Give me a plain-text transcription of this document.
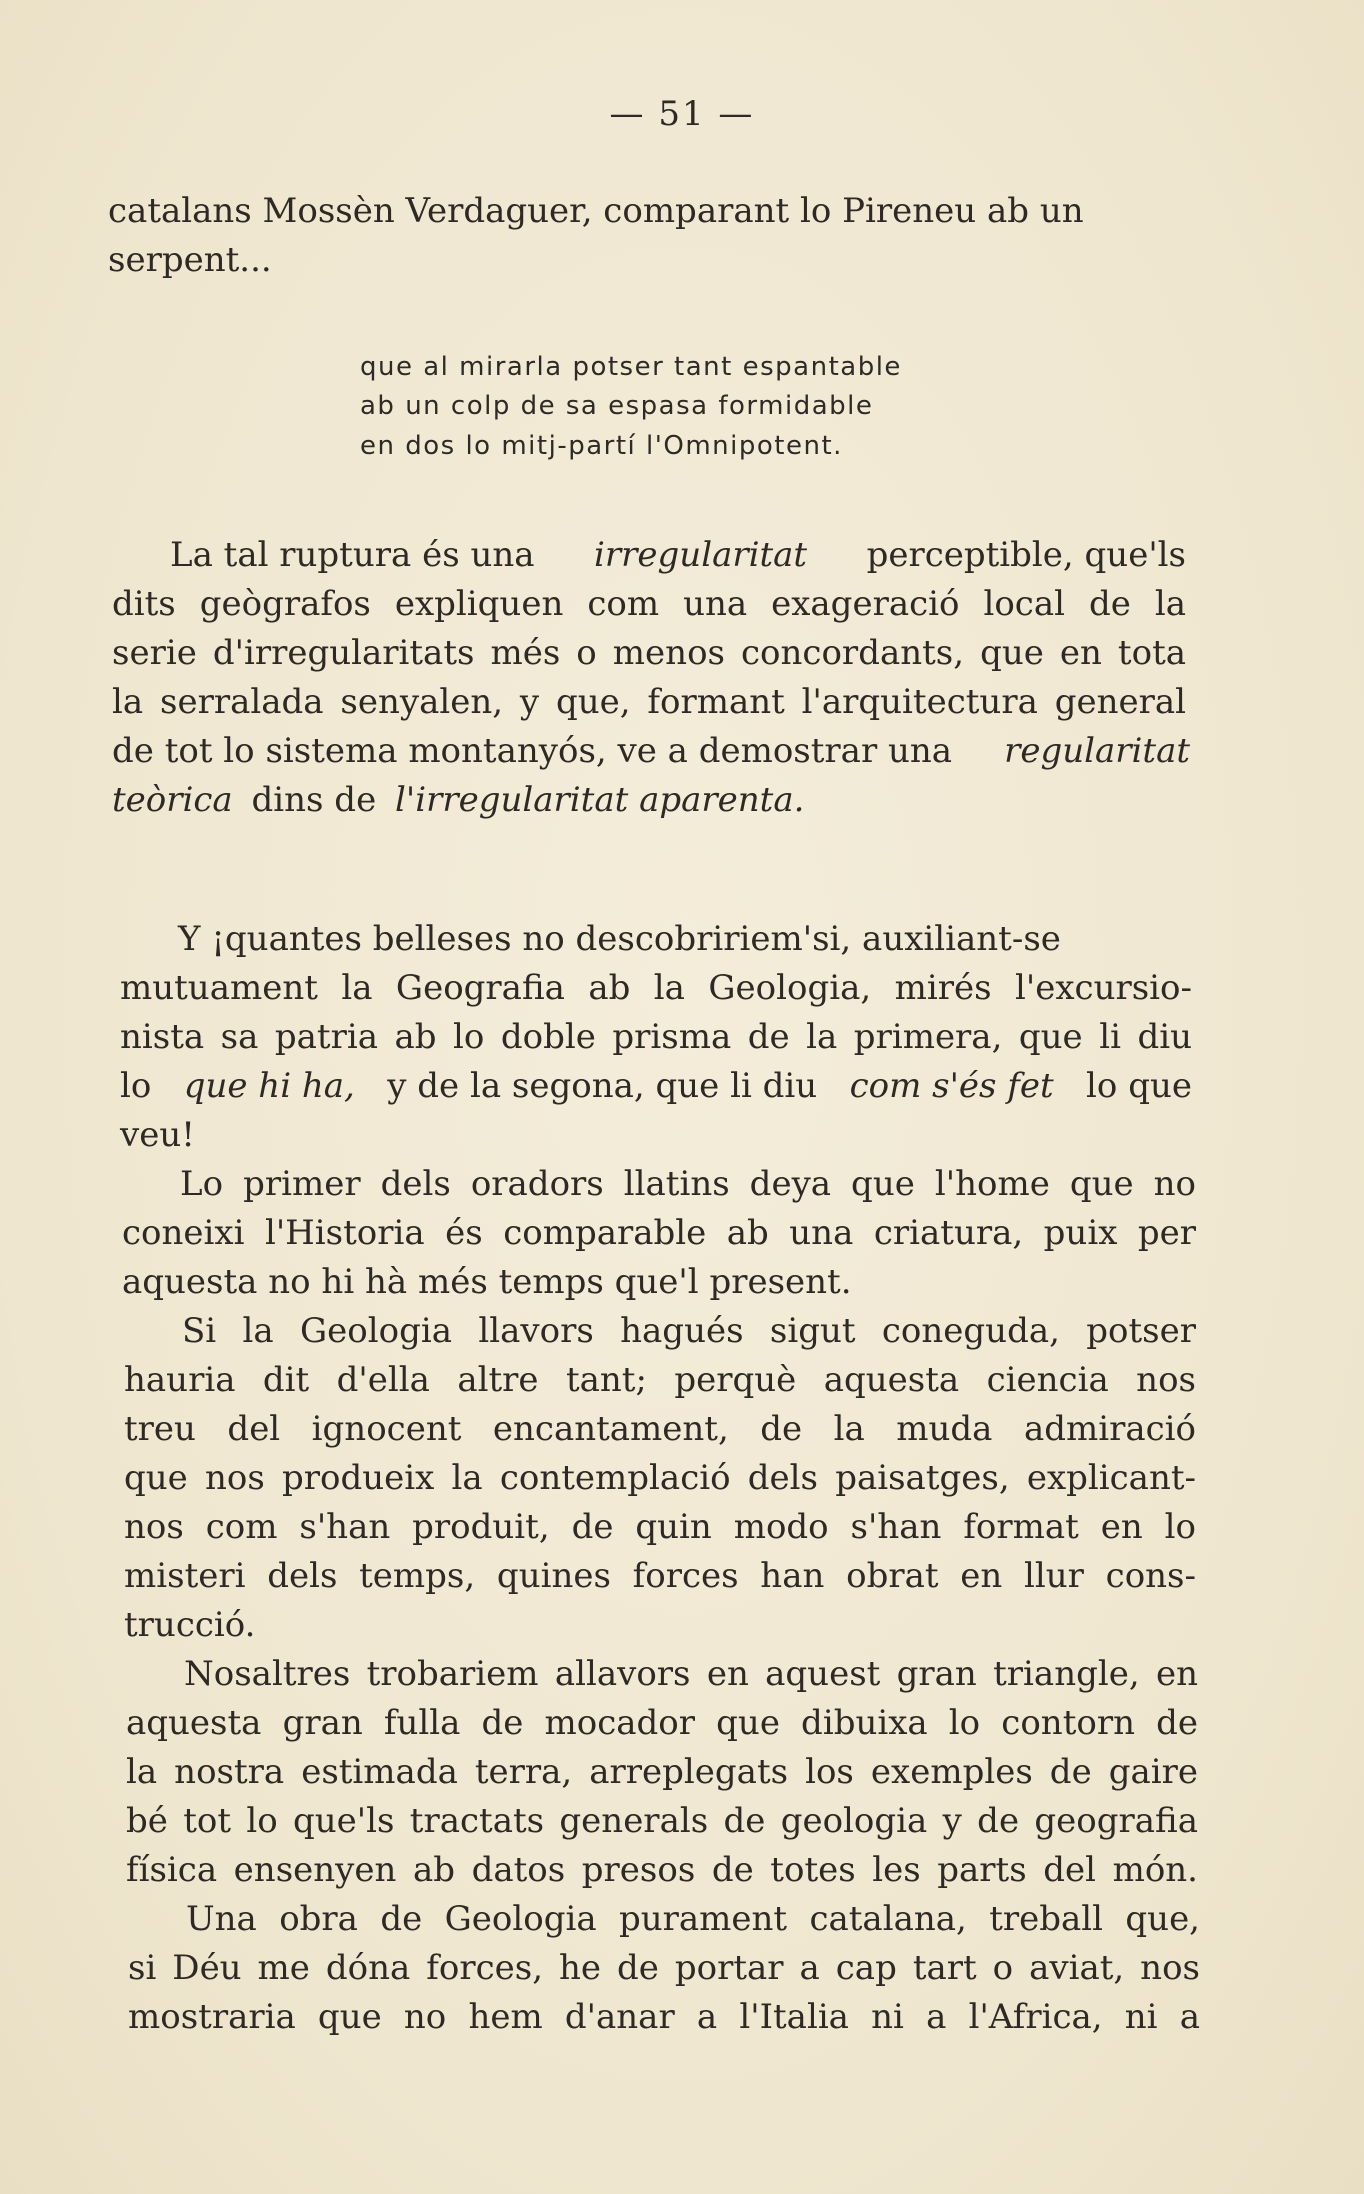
— 51 —
catalans Mossèn Verdaguer, comparant lo Pireneu ab un
serpent...
que al mirarla potser tant espantable
ab un colp de sa espasa formidable
en dos lo mitj-partí l'Omnipotent.
La tal ruptura és una irregularitat perceptible, que'ls
dits geògrafos expliquen com una exageració local de la
serie d'irregularitats més o menos concordants, que en tota
la serralada senyalen, y que, formant l'arquitectura general
de tot lo sistema montanyós, ve a demostrar una regularitat
teòrica dins de l'irregularitat aparenta.
Y ¡quantes belleses no descobririem'si, auxiliant-se
mutuament la Geografia ab la Geologia, mirés l'excursio-
nista sa patria ab lo doble prisma de la primera, que li diu
lo que hi ha, y de la segona, que li diu com s'és fet lo que
veu!
Lo primer dels oradors llatins deya que l'home que no
coneixi l'Historia és comparable ab una criatura, puix per
aquesta no hi hà més temps que'l present.
Si la Geologia llavors hagués sigut coneguda, potser
hauria dit d'ella altre tant; perquè aquesta ciencia nos
treu del ignocent encantament, de la muda admiració
que nos produeix la contemplació dels paisatges, explicant-
nos com s'han produit, de quin modo s'han format en lo
misteri dels temps, quines forces han obrat en llur cons-
trucció.
Nosaltres trobariem allavors en aquest gran triangle, en
aquesta gran fulla de mocador que dibuixa lo contorn de
la nostra estimada terra, arreplegats los exemples de gaire
bé tot lo que'ls tractats generals de geologia y de geografia
física ensenyen ab datos presos de totes les parts del món.
Una obra de Geologia purament catalana, treball que,
si Déu me dóna forces, he de portar a cap tart o aviat, nos
mostraria que no hem d'anar a l'Italia ni a l'Africa, ni a
